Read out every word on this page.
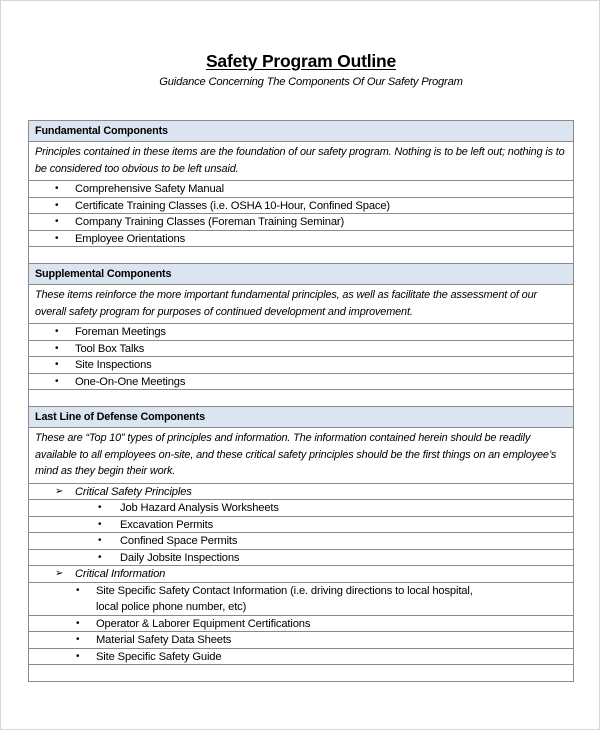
Safety Program Outline
Guidance Concerning The Components Of Our Safety Program
Fundamental Components
Principles contained in these items are the foundation of our safety program. Nothing is to be left out; nothing is to be considered too obvious to be left unsaid.
• Comprehensive Safety Manual
• Certificate Training Classes (i.e. OSHA 10-Hour, Confined Space)
• Company Training Classes (Foreman Training Seminar)
• Employee Orientations
Supplemental Components
These items reinforce the more important fundamental principles, as well as facilitate the assessment of our overall safety program for purposes of continued development and improvement.
• Foreman Meetings
• Tool Box Talks
• Site Inspections
• One-On-One Meetings
Last Line of Defense Components
These are “Top 10” types of principles and information. The information contained herein should be readily available to all employees on-site, and these critical safety principles should be the first things on an employee’s mind as they begin their work.
➢ Critical Safety Principles
• Job Hazard Analysis Worksheets
• Excavation Permits
• Confined Space Permits
• Daily Jobsite Inspections
➢ Critical Information
• Site Specific Safety Contact Information (i.e. driving directions to local hospital, local police phone number, etc)
• Operator & Laborer Equipment Certifications
• Material Safety Data Sheets
• Site Specific Safety Guide
